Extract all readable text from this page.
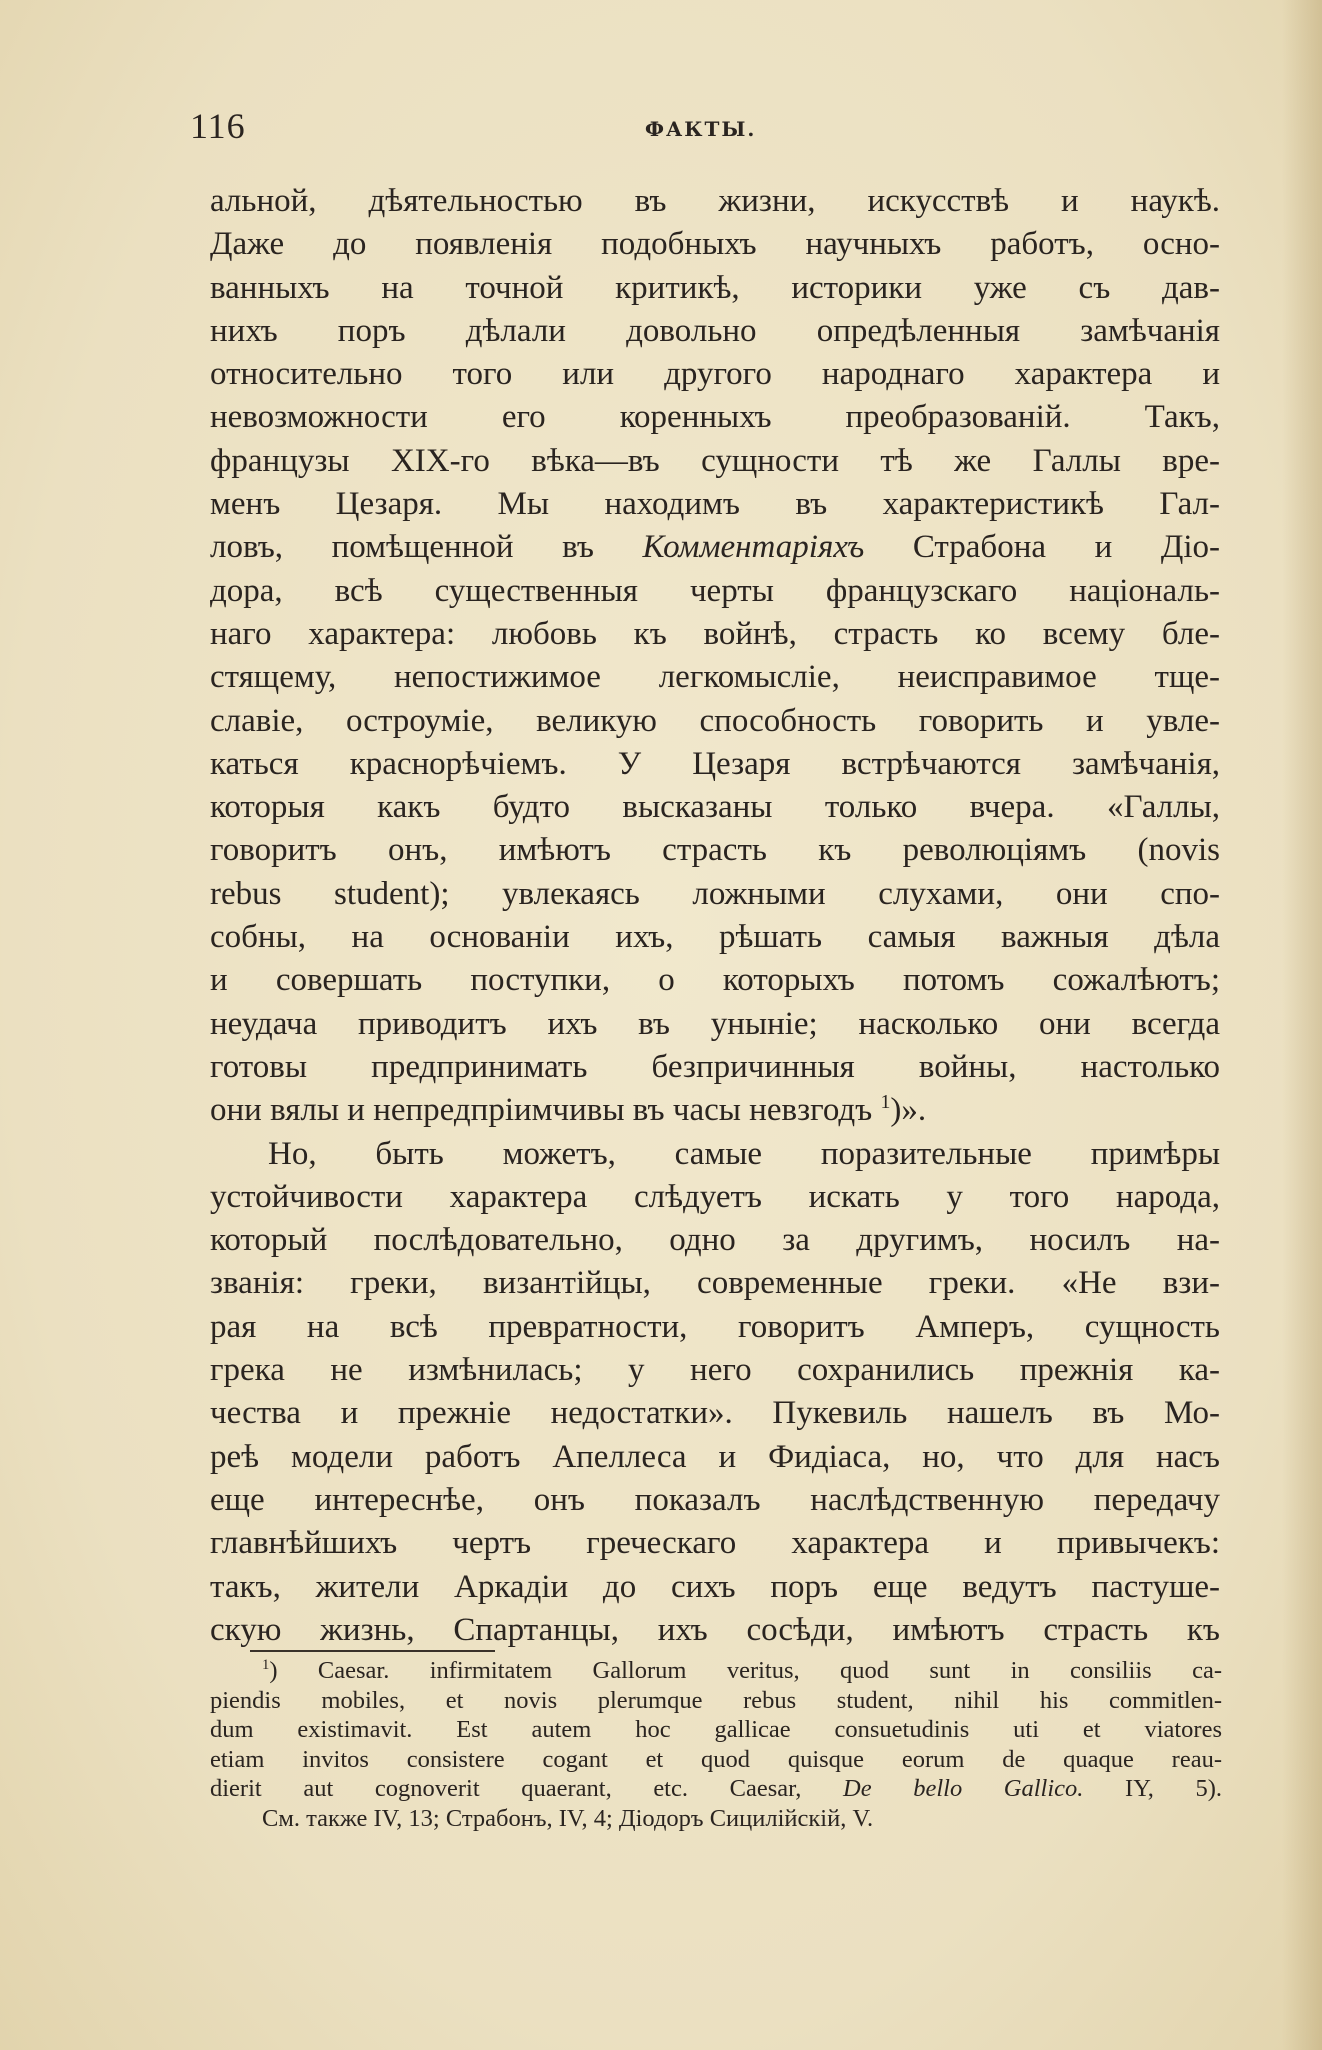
116	ФАКТЫ.
альной, дѣятельностью въ жизни, искусствѣ и наукѣ.
Даже до появленія подобныхъ научныхъ работъ, осно-
ванныхъ на точной критикѣ, историки уже съ дав-
нихъ поръ дѣлали довольно опредѣленныя замѣчанія
относительно того или другого народнаго характера и
невозможности его коренныхъ преобразованій. Такъ,
французы XIX-го вѣка—въ сущности тѣ же Галлы вре-
менъ Цезаря. Мы находимъ въ характеристикѣ Гал-
ловъ, помѣщенной въ Комментаріяхъ Страбона и Діо-
дора, всѣ существенныя черты французскаго національ-
наго характера: любовь къ войнѣ, страсть ко всему бле-
стящему, непостижимое легкомысліе, неисправимое тще-
славіе, остроуміе, великую способность говорить и увле-
каться краснорѣчіемъ. У Цезаря встрѣчаются замѣчанія,
которыя какъ будто высказаны только вчера. «Галлы,
говоритъ онъ, имѣютъ страсть къ революціямъ (novis
rebus student); увлекаясь ложными слухами, они спо-
собны, на основаніи ихъ, рѣшать самыя важныя дѣла
и совершать поступки, о которыхъ потомъ сожалѣютъ;
неудача приводитъ ихъ въ уныніе; насколько они всегда
готовы предпринимать безпричинныя войны, настолько
они вялы и непредпріимчивы въ часы невзгодъ $^1$)».
Но, быть можетъ, самые поразительные примѣры
устойчивости характера слѣдуетъ искать у того народа,
который послѣдовательно, одно за другимъ, носилъ на-
званія: греки, византійцы, современные греки. «Не взи-
рая на всѣ превратности, говоритъ Амперъ, сущность
грека не измѣнилась; у него сохранились прежнія ка-
чества и прежніе недостатки». Пукевиль нашелъ въ Мо-
реѣ модели работъ Апеллеса и Фидіаса, но, что для насъ
еще интереснѣе, онъ показалъ наслѣдственную передачу
главнѣйшихъ чертъ греческаго характера и привычекъ:
такъ, жители Аркадіи до сихъ поръ еще ведутъ пастуше-
скую жизнь, Спартанцы, ихъ сосѣди, имѣютъ страсть къ
$^1$) Caesar. infirmitatem Gallorum veritus, quod sunt in consiliis ca-
piendis mobiles, et novis plerumque rebus student, nihil his commitlen-
dum existimavit. Est autem hoc gallicae consuetudinis uti et viatores
etiam invitos consistere cogant et quod quisque eorum de quaque reau-
dierit aut cognoverit quaerant, etc. Caesar, De bello Gallico. IY, 5).
См. также IV, 13; Страбонъ, IV, 4; Діодоръ Сицилійскій, V.
